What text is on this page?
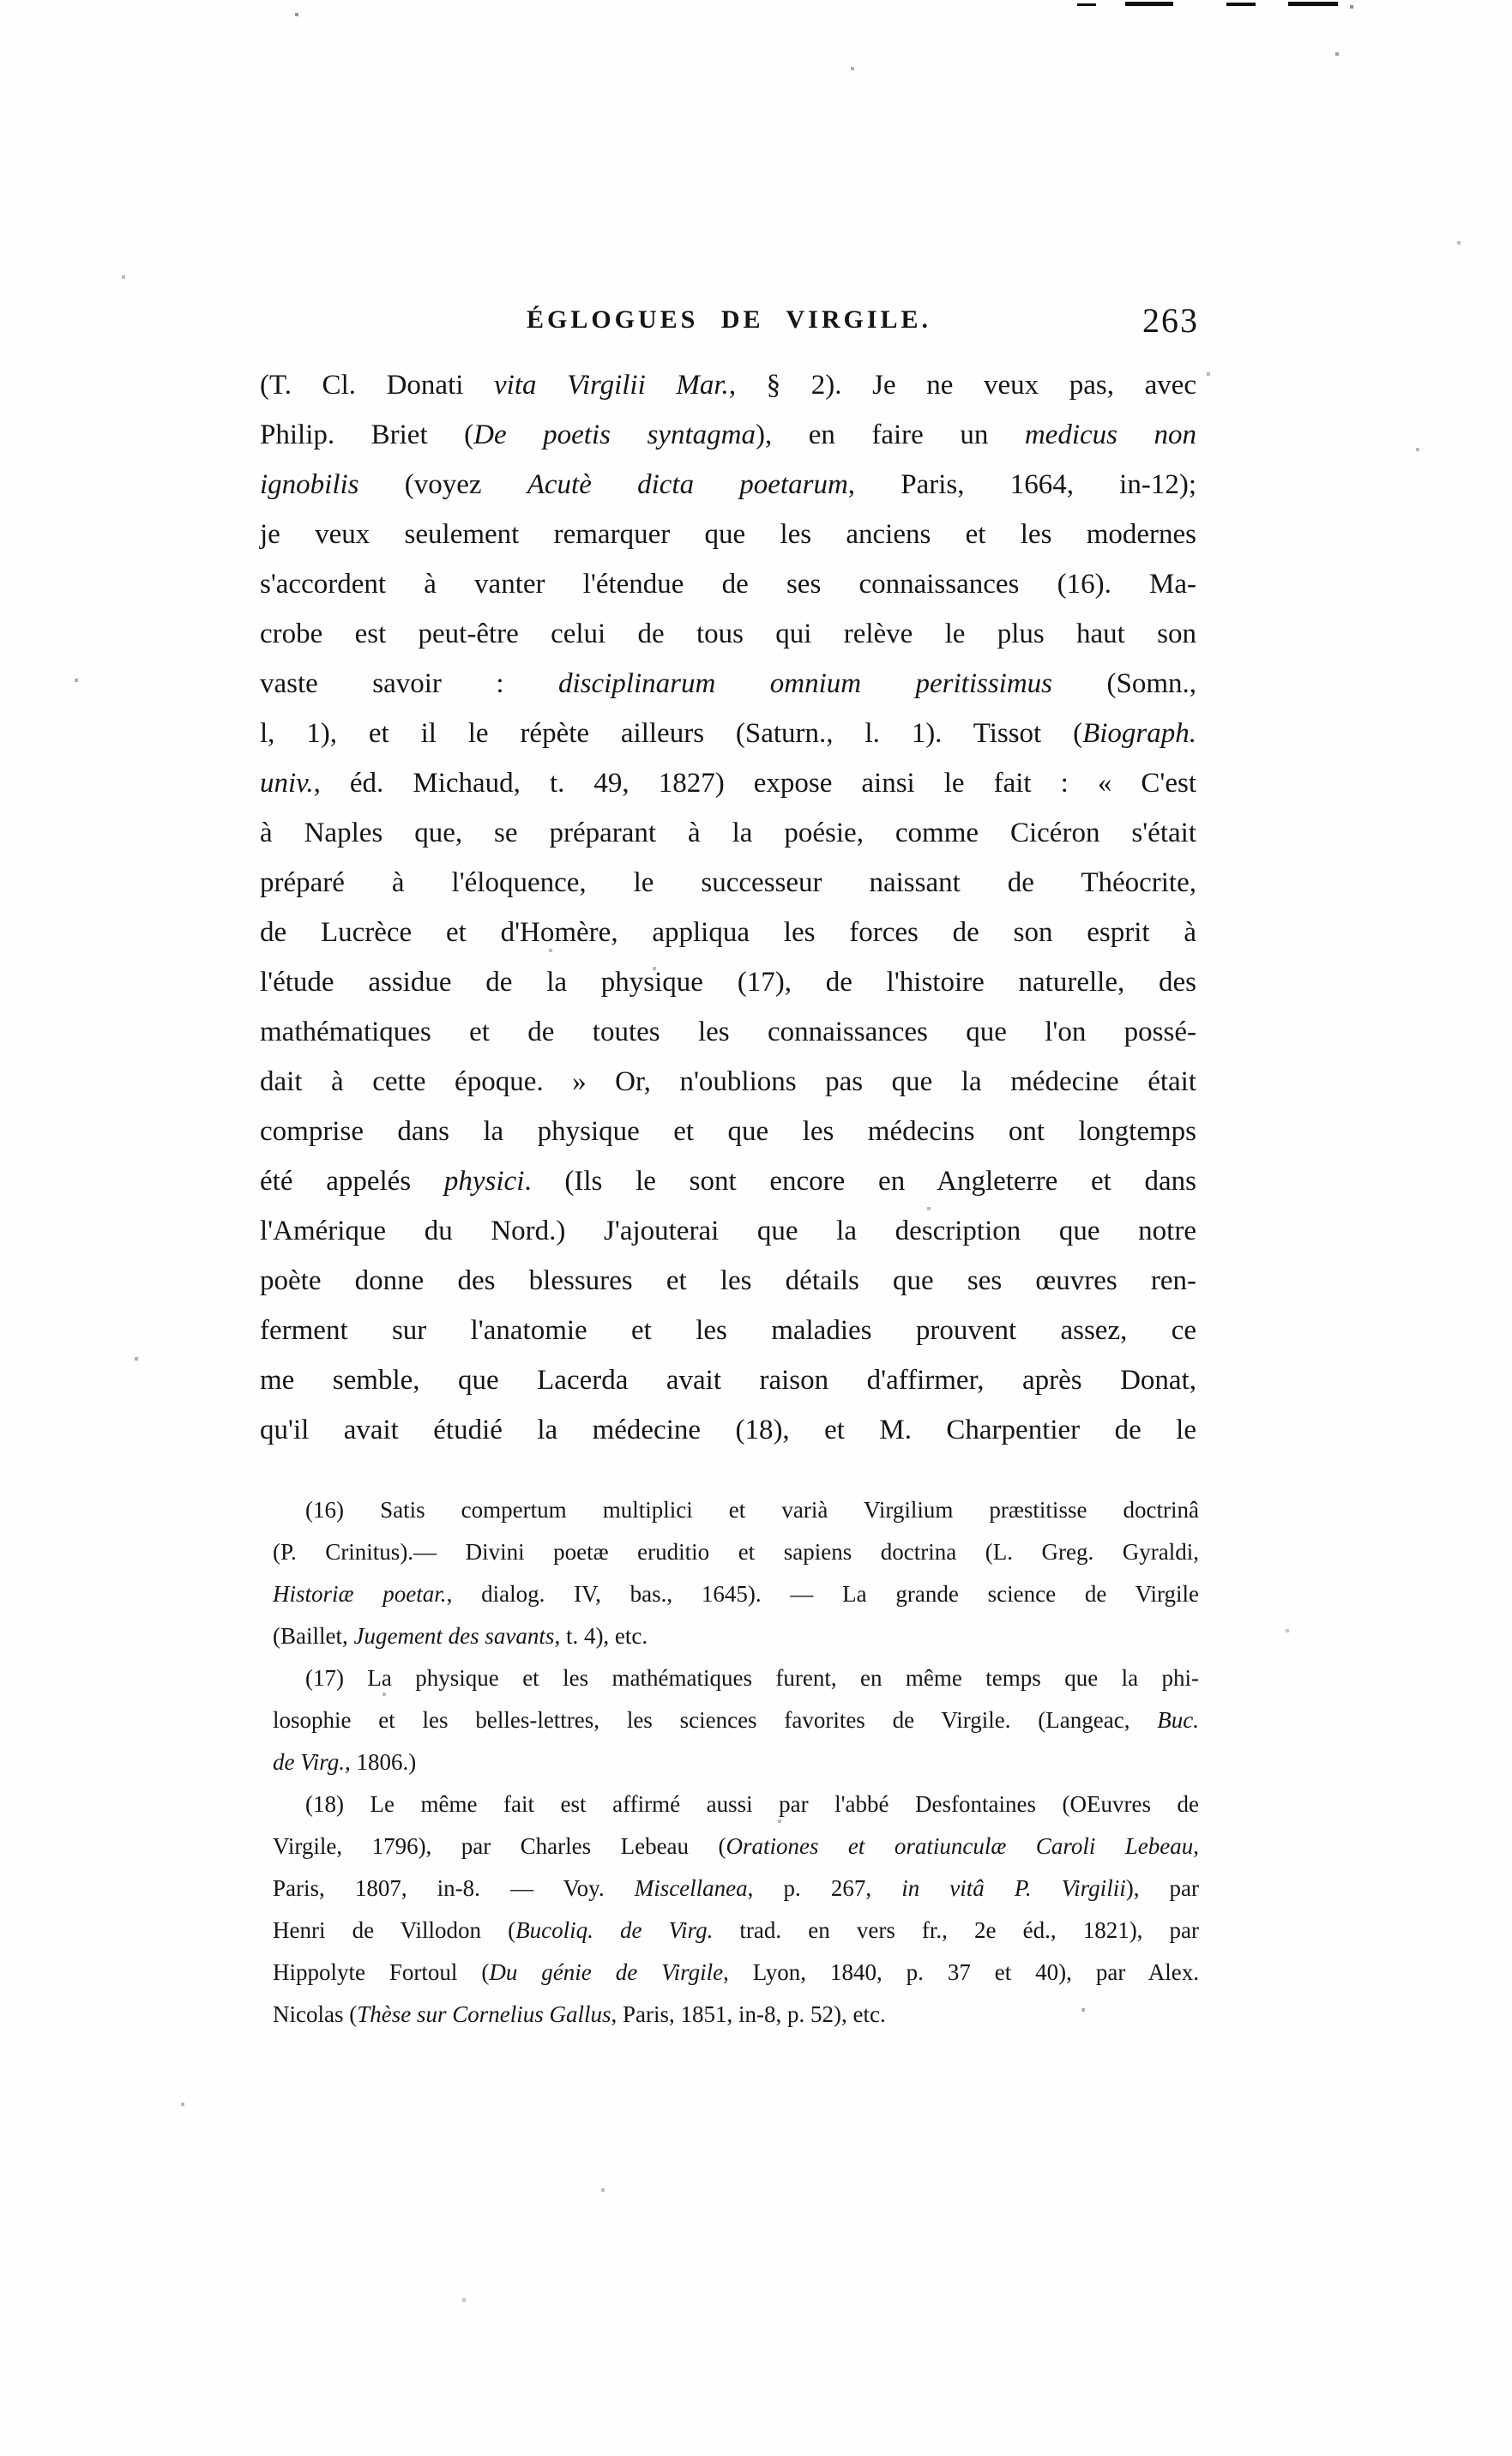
ÉGLOGUES DE VIRGILE.	263
(T. Cl. Donati vita Virgilii Mar., § 2). Je ne veux pas, avec
Philip. Briet (De poetis syntagma), en faire un medicus non
ignobilis (voyez Acutè dicta poetarum, Paris, 1664, in-12);
je veux seulement remarquer que les anciens et les modernes
s'accordent à vanter l'étendue de ses connaissances (16). Ma-
crobe est peut-être celui de tous qui relève le plus haut son
vaste savoir : disciplinarum omnium peritissimus (Somn.,
l, 1), et il le répète ailleurs (Saturn., l. 1). Tissot (Biograph.
univ., éd. Michaud, t. 49, 1827) expose ainsi le fait : « C'est
à Naples que, se préparant à la poésie, comme Cicéron s'était
préparé à l'éloquence, le successeur naissant de Théocrite,
de Lucrèce et d'Homère, appliqua les forces de son esprit à
l'étude assidue de la physique (17), de l'histoire naturelle, des
mathématiques et de toutes les connaissances que l'on possé-
dait à cette époque. » Or, n'oublions pas que la médecine était
comprise dans la physique et que les médecins ont longtemps
été appelés physici. (Ils le sont encore en Angleterre et dans
l'Amérique du Nord.) J'ajouterai que la description que notre
poète donne des blessures et les détails que ses œuvres ren-
ferment sur l'anatomie et les maladies prouvent assez, ce
me semble, que Lacerda avait raison d'affirmer, après Donat,
qu'il avait étudié la médecine (18), et M. Charpentier de le
(16) Satis compertum multiplici et varià Virgilium præstitisse doctrinâ
(P. Crinitus).— Divini poetæ eruditio et sapiens doctrina (L. Greg. Gyraldi,
Historiæ poetar., dialog. IV, bas., 1645). — La grande science de Virgile
(Baillet, Jugement des savants, t. 4), etc.
(17) La physique et les mathématiques furent, en même temps que la phi-
losophie et les belles-lettres, les sciences favorites de Virgile. (Langeac, Buc.
de Virg., 1806.)
(18) Le même fait est affirmé aussi par l'abbé Desfontaines (OEuvres de
Virgile, 1796), par Charles Lebeau (Orationes et oratiunculæ Caroli Lebeau,
Paris, 1807, in-8. — Voy. Miscellanea, p. 267, in vitâ P. Virgilii), par
Henri de Villodon (Bucoliq. de Virg. trad. en vers fr., 2e éd., 1821), par
Hippolyte Fortoul (Du génie de Virgile, Lyon, 1840, p. 37 et 40), par Alex.
Nicolas (Thèse sur Cornelius Gallus, Paris, 1851, in-8, p. 52), etc.
